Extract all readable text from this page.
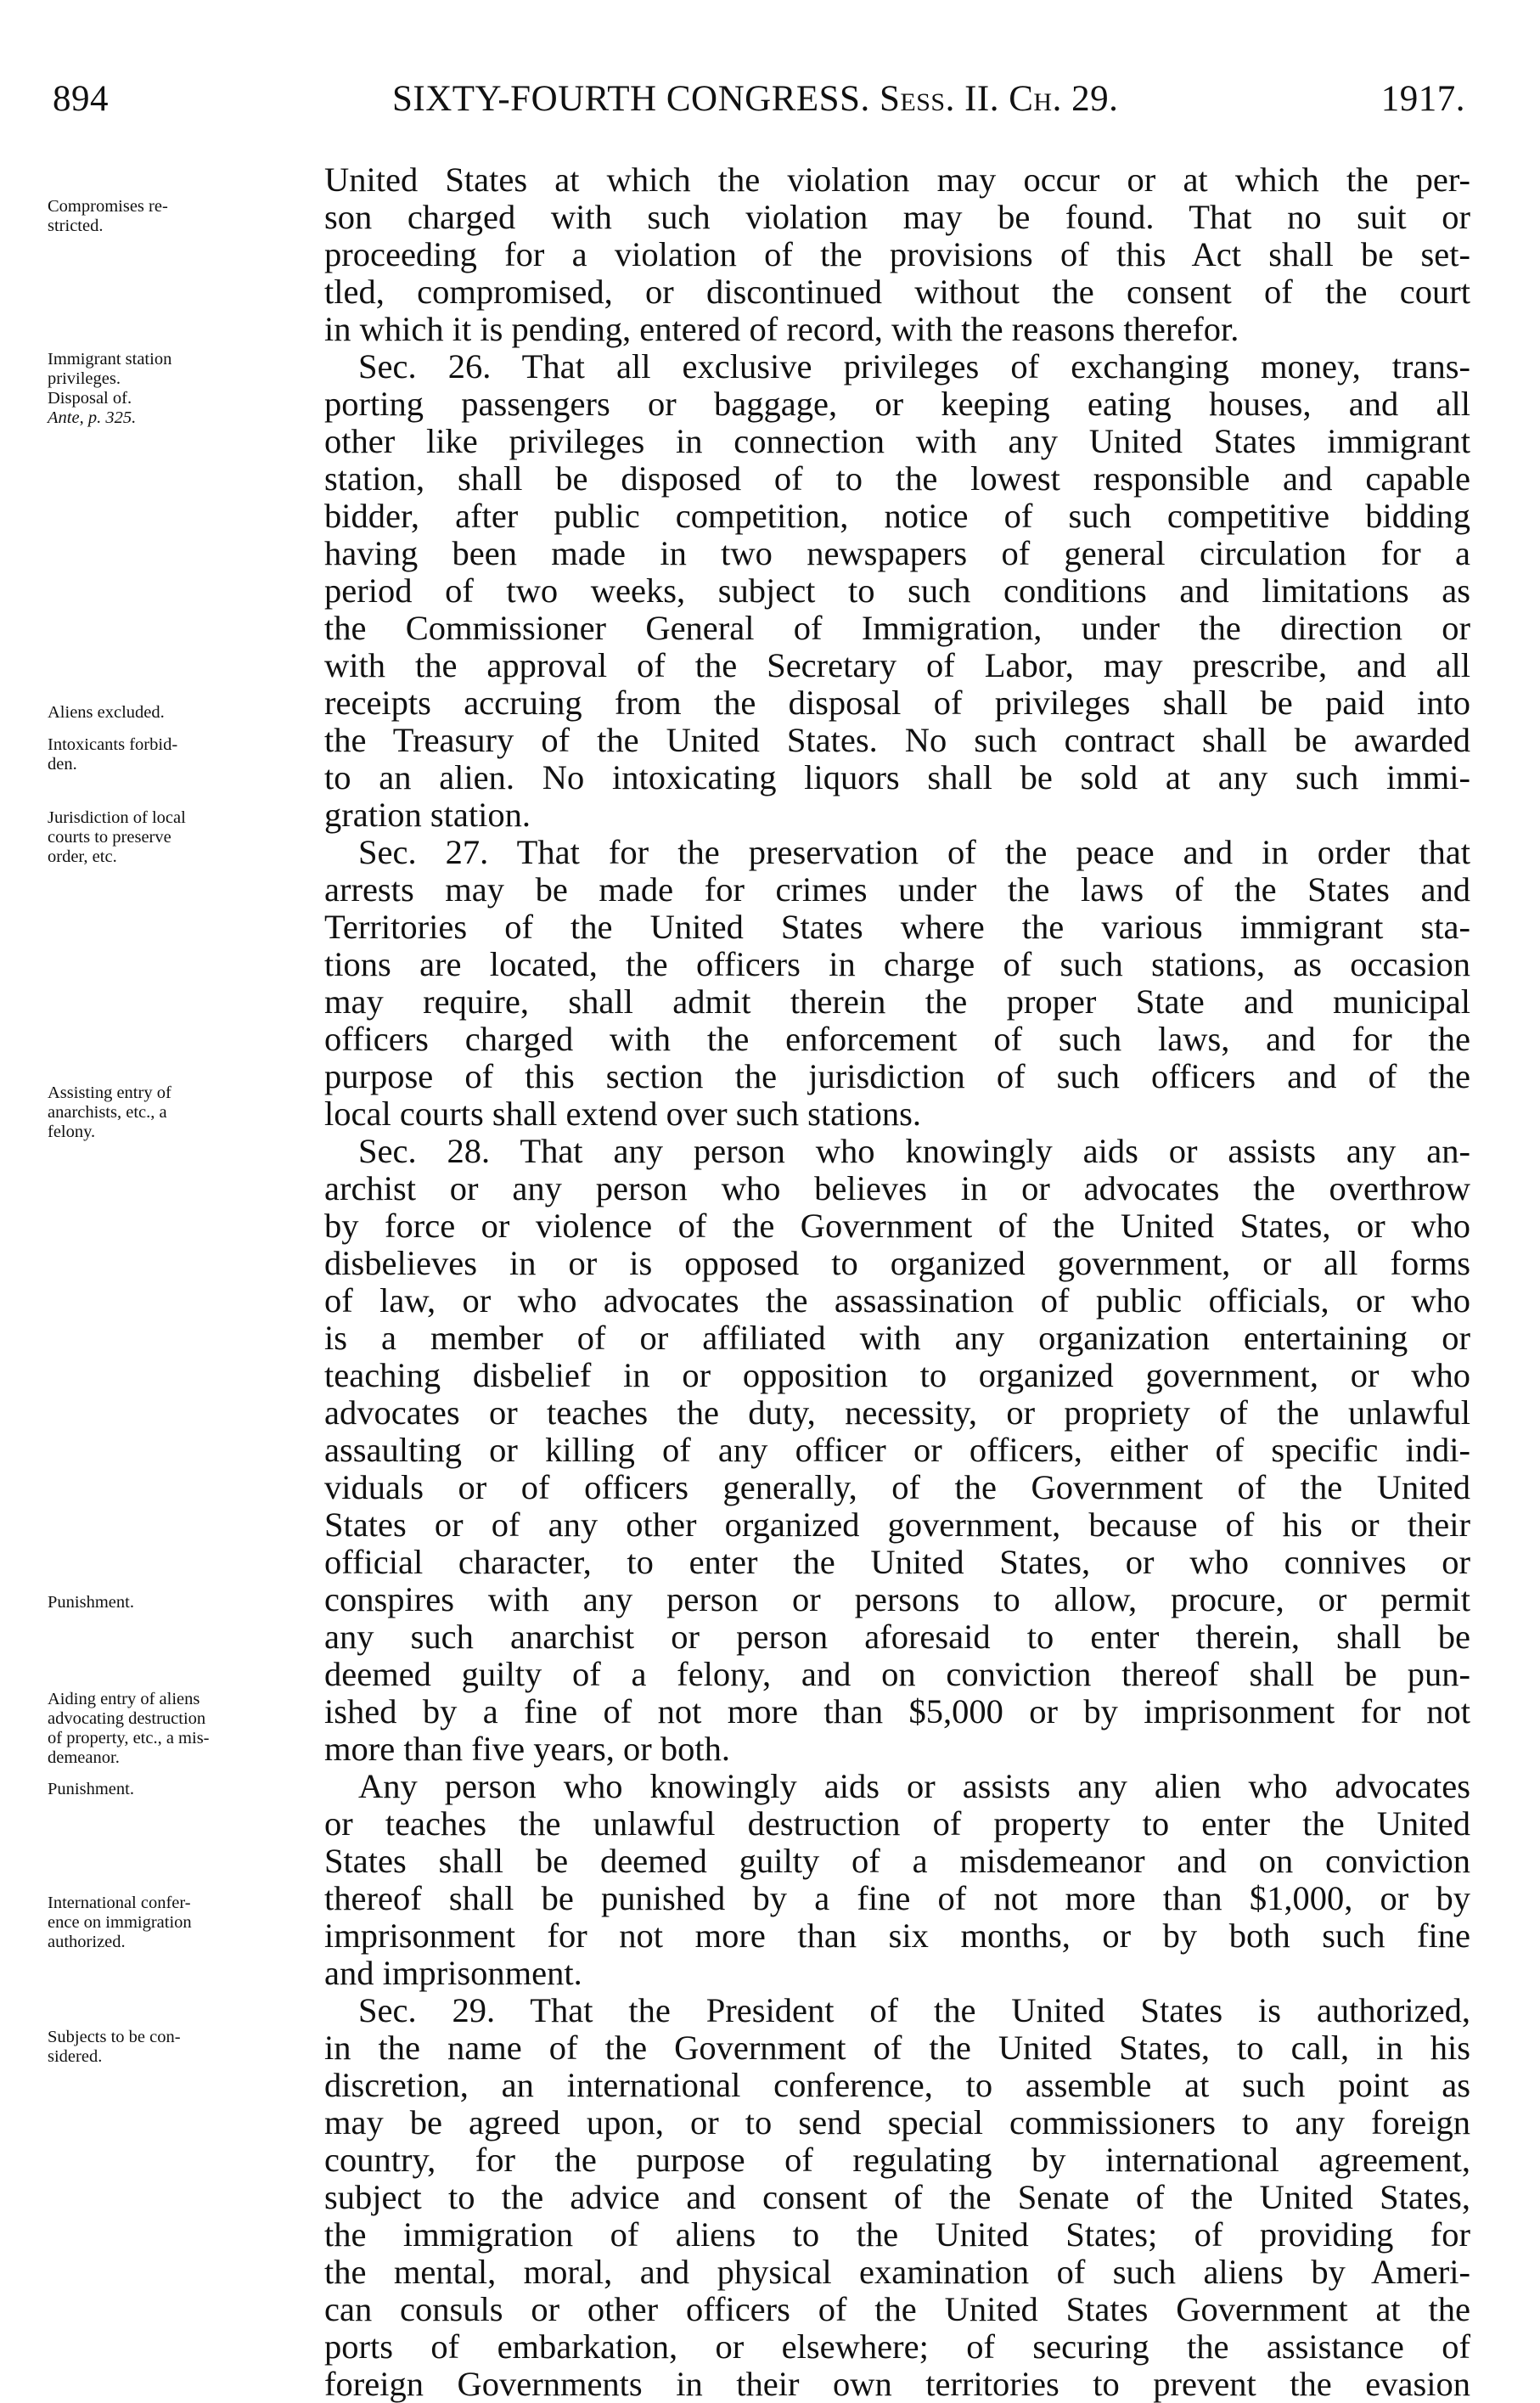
894	SIXTY-FOURTH CONGRESS. Sess. II. Ch. 29.	1917.
Compromises re-
stricted.
Immigrant station
privileges.
Disposal of.
Ante, p. 325.
Aliens excluded.
Intoxicants forbid-
den.
Jurisdiction of local
courts to preserve
order, etc.
Assisting entry of
anarchists, etc., a
felony.
Punishment.
Aiding entry of aliens
advocating destruction
of property, etc., a mis-
demeanor.
Punishment.
International confer-
ence on immigration
authorized.
Subjects to be con-
sidered.
United States at which the violation may occur or at which the per-
son charged with such violation may be found. That no suit or
proceeding for a violation of the provisions of this Act shall be set-
tled, compromised, or discontinued without the consent of the court
in which it is pending, entered of record, with the reasons therefor.
Sec. 26. That all exclusive privileges of exchanging money, trans-
porting passengers or baggage, or keeping eating houses, and all
other like privileges in connection with any United States immigrant
station, shall be disposed of to the lowest responsible and capable
bidder, after public competition, notice of such competitive bidding
having been made in two newspapers of general circulation for a
period of two weeks, subject to such conditions and limitations as
the Commissioner General of Immigration, under the direction or
with the approval of the Secretary of Labor, may prescribe, and all
receipts accruing from the disposal of privileges shall be paid into
the Treasury of the United States. No such contract shall be awarded
to an alien. No intoxicating liquors shall be sold at any such immi-
gration station.
Sec. 27. That for the preservation of the peace and in order that
arrests may be made for crimes under the laws of the States and
Territories of the United States where the various immigrant sta-
tions are located, the officers in charge of such stations, as occasion
may require, shall admit therein the proper State and municipal
officers charged with the enforcement of such laws, and for the
purpose of this section the jurisdiction of such officers and of the
local courts shall extend over such stations.
Sec. 28. That any person who knowingly aids or assists any an-
archist or any person who believes in or advocates the overthrow
by force or violence of the Government of the United States, or who
disbelieves in or is opposed to organized government, or all forms
of law, or who advocates the assassination of public officials, or who
is a member of or affiliated with any organization entertaining or
teaching disbelief in or opposition to organized government, or who
advocates or teaches the duty, necessity, or propriety of the unlawful
assaulting or killing of any officer or officers, either of specific indi-
viduals or of officers generally, of the Government of the United
States or of any other organized government, because of his or their
official character, to enter the United States, or who connives or
conspires with any person or persons to allow, procure, or permit
any such anarchist or person aforesaid to enter therein, shall be
deemed guilty of a felony, and on conviction thereof shall be pun-
ished by a fine of not more than $5,000 or by imprisonment for not
more than five years, or both.
Any person who knowingly aids or assists any alien who advocates
or teaches the unlawful destruction of property to enter the United
States shall be deemed guilty of a misdemeanor and on conviction
thereof shall be punished by a fine of not more than $1,000, or by
imprisonment for not more than six months, or by both such fine
and imprisonment.
Sec. 29. That the President of the United States is authorized,
in the name of the Government of the United States, to call, in his
discretion, an international conference, to assemble at such point as
may be agreed upon, or to send special commissioners to any foreign
country, for the purpose of regulating by international agreement,
subject to the advice and consent of the Senate of the United States,
the immigration of aliens to the United States; of providing for
the mental, moral, and physical examination of such aliens by Ameri-
can consuls or other officers of the United States Government at the
ports of embarkation, or elsewhere; of securing the assistance of
foreign Governments in their own territories to prevent the evasion
